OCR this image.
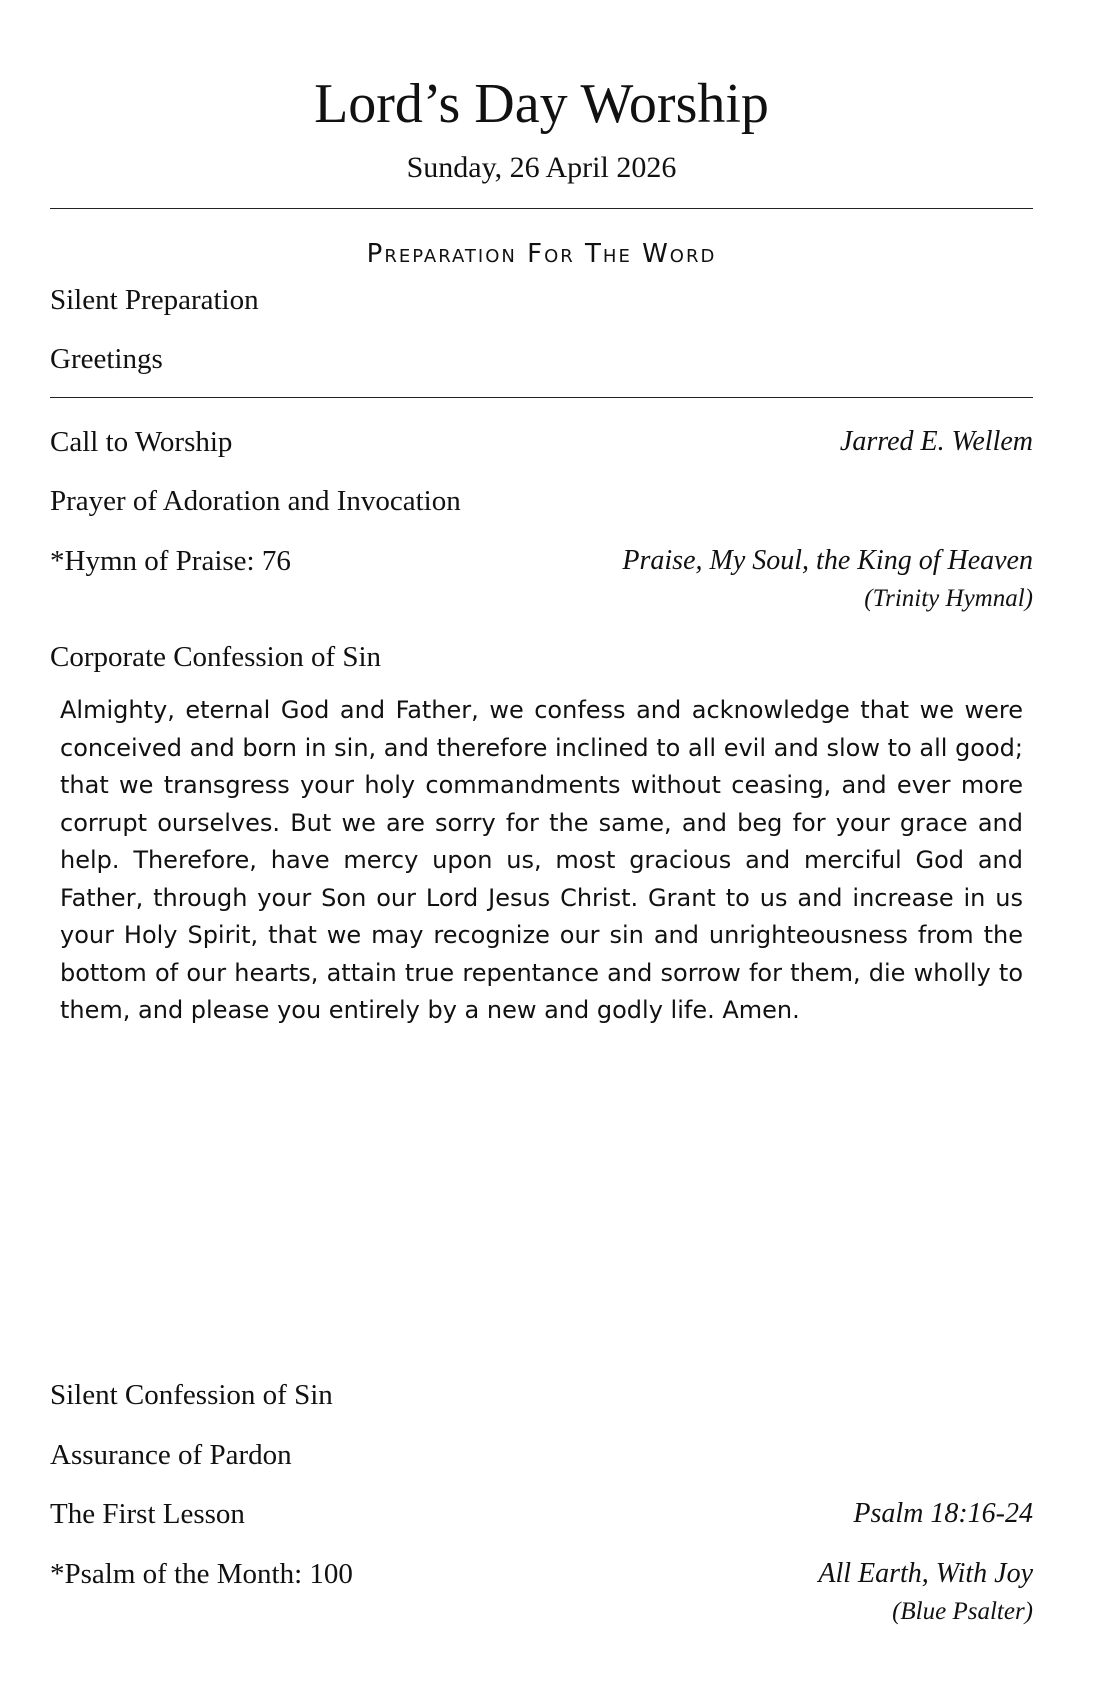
Lord’s Day Worship
Sunday, 26 April 2026
Preparation For The Word
Silent Preparation
Greetings
Call to Worship	Jarred E. Wellem
Prayer of Adoration and Invocation
*Hymn of Praise: 76	Praise, My Soul, the King of Heaven
(Trinity Hymnal)
Corporate Confession of Sin
Almighty, eternal God and Father, we confess and acknowledge that we were conceived and born in sin, and therefore inclined to all evil and slow to all good; that we transgress your holy commandments without ceasing, and ever more corrupt ourselves. But we are sorry for the same, and beg for your grace and help. Therefore, have mercy upon us, most gracious and merciful God and Father, through your Son our Lord Jesus Christ. Grant to us and increase in us your Holy Spirit, that we may recognize our sin and unrighteousness from the bottom of our hearts, attain true repentance and sorrow for them, die wholly to them, and please you entirely by a new and godly life. Amen.
Silent Confession of Sin
Assurance of Pardon
The First Lesson	Psalm 18:16-24
*Psalm of the Month: 100	All Earth, With Joy
(Blue Psalter)
